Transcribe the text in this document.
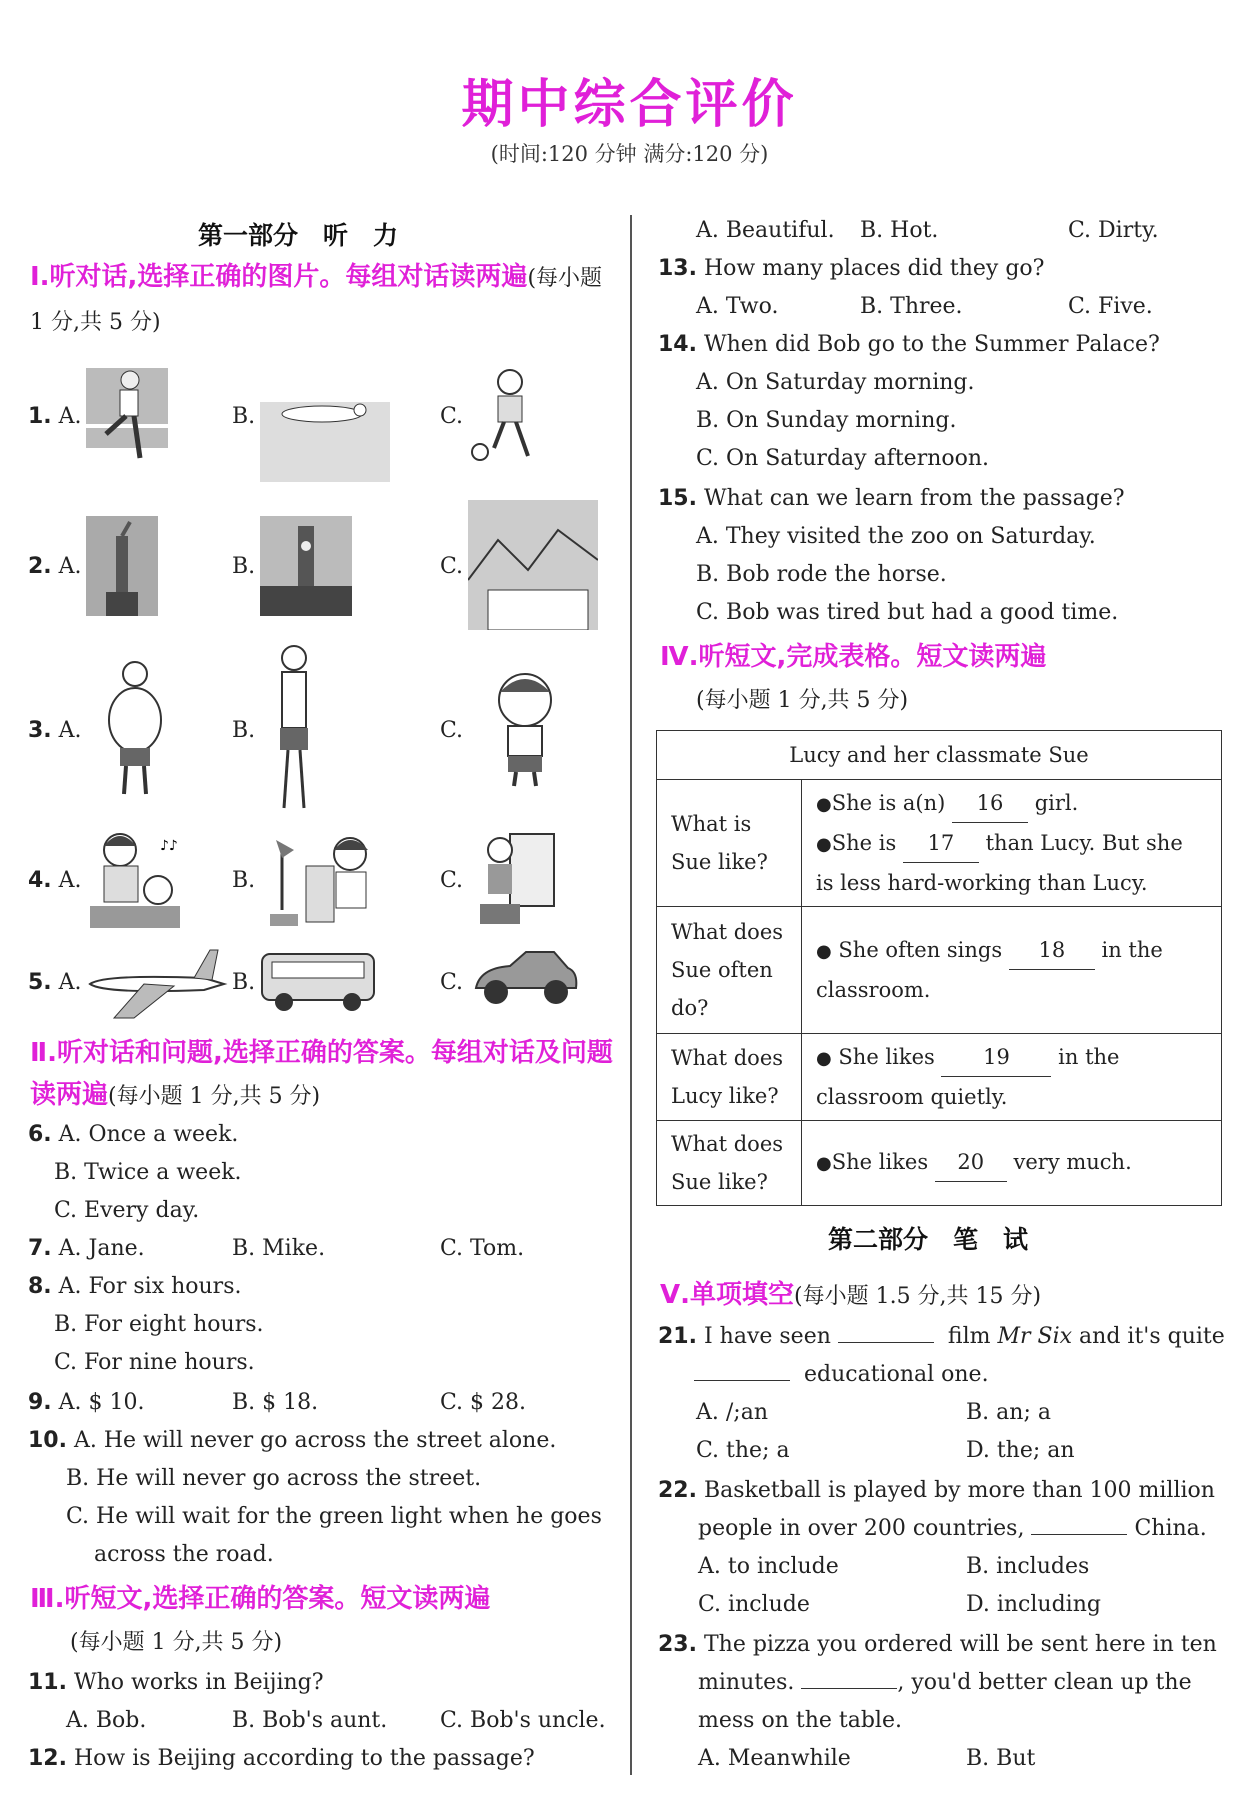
期中综合评价
(时间:120 分钟 满分:120 分)
第一部分　听　力
Ⅰ.听对话,选择正确的图片。每组对话读两遍(每小题 1 分,共 5 分)
1. A.	B.	C.
2. A.	B.	C.
3. A.	B.	C.
4. A.	B.	C.
♪♪
5. A.	B.	C.
Ⅱ.听对话和问题,选择正确的答案。每组对话及问题读两遍(每小题 1 分,共 5 分)
6. A. Once a week.
B. Twice a week.
C. Every day.
7. A. Jane.	B. Mike.	C. Tom.
8. A. For six hours.
B. For eight hours.
C. For nine hours.
9. A. $ 10.	B. $ 18.	C. $ 28.
10. A. He will never go across the street alone.
B. He will never go across the street.
C. He will wait for the green light when he goes
across the road.
Ⅲ.听短文,选择正确的答案。短文读两遍
(每小题 1 分,共 5 分)
11. Who works in Beijing?
A. Bob.	B. Bob's aunt. C. Bob's uncle.
12. How is Beijing according to the passage?
A. Beautiful. B. Hot.	C. Dirty.
13. How many places did they go?
A. Two.	B. Three.	C. Five.
14. When did Bob go to the Summer Palace?
A. On Saturday morning.
B. On Sunday morning.
C. On Saturday afternoon.
15. What can we learn from the passage?
A. They visited the zoo on Saturday.
B. Bob rode the horse.
C. Bob was tired but had a good time.
Ⅳ.听短文,完成表格。短文读两遍
(每小题 1 分,共 5 分)
Lucy and her classmate Sue	
What is Sue like?	●She is a(n) 16 girl.
●She is 17 than Lucy. But she
is less hard-working than Lucy.

What does Sue often do?	● She often sings 18 in the classroom.
What does Lucy like?	● She likes 19 in the classroom quietly.
What does Sue like?	●She likes 20 very much.
第二部分　笔　试
Ⅴ.单项填空(每小题 1.5 分,共 15 分)
21. I have seen	film Mr Six and it's quite
educational one.
A. /;an	B. an; a
C. the; a	D. the; an
22. Basketball is played by more than 100 million
people in over 200 countries,	China.
A. to include	B. includes
C. include	D. including
23. The pizza you ordered will be sent here in ten
minutes.	, you'd better clean up the
mess on the table.
A. Meanwhile	B. But
